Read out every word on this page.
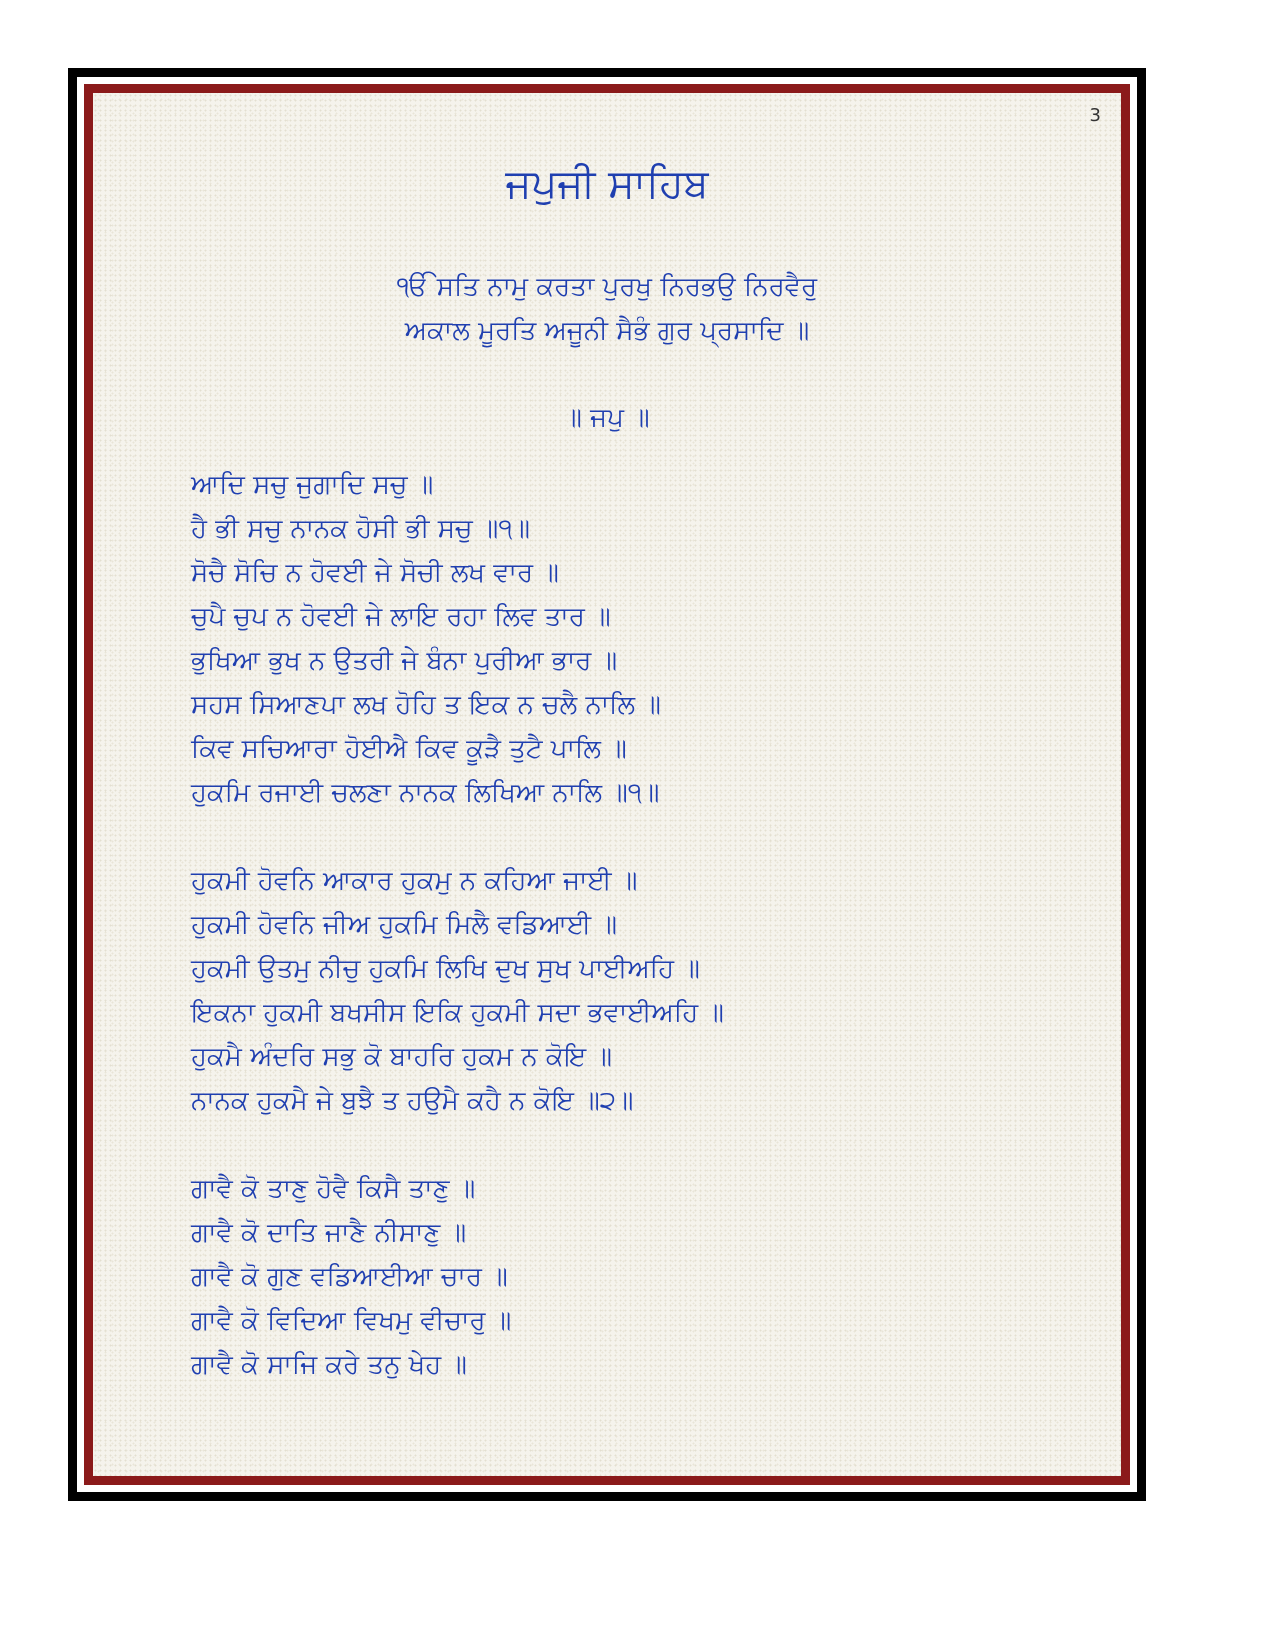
3
ਜਪੁਜੀ ਸਾਹਿਬ
ੴ ਸਤਿ ਨਾਮੁ ਕਰਤਾ ਪੁਰਖੁ ਨਿਰਭਉ ਨਿਰਵੈਰੁ
ਅਕਾਲ ਮੂਰਤਿ ਅਜੂਨੀ ਸੈਭੰ ਗੁਰ ਪ੍ਰਸਾਦਿ ॥
॥ ਜਪੁ ॥
ਆਦਿ ਸਚੁ ਜੁਗਾਦਿ ਸਚੁ ॥
ਹੈ ਭੀ ਸਚੁ ਨਾਨਕ ਹੋਸੀ ਭੀ ਸਚੁ ॥੧॥
ਸੋਚੈ ਸੋਚਿ ਨ ਹੋਵਈ ਜੇ ਸੋਚੀ ਲਖ ਵਾਰ ॥
ਚੁਪੈ ਚੁਪ ਨ ਹੋਵਈ ਜੇ ਲਾਇ ਰਹਾ ਲਿਵ ਤਾਰ ॥
ਭੁਖਿਆ ਭੁਖ ਨ ਉਤਰੀ ਜੇ ਬੰਨਾ ਪੁਰੀਆ ਭਾਰ ॥
ਸਹਸ ਸਿਆਣਪਾ ਲਖ ਹੋਹਿ ਤ ਇਕ ਨ ਚਲੈ ਨਾਲਿ ॥
ਕਿਵ ਸਚਿਆਰਾ ਹੋਈਐ ਕਿਵ ਕੂੜੈ ਤੁਟੈ ਪਾਲਿ ॥
ਹੁਕਮਿ ਰਜਾਈ ਚਲਣਾ ਨਾਨਕ ਲਿਖਿਆ ਨਾਲਿ ॥੧॥
ਹੁਕਮੀ ਹੋਵਨਿ ਆਕਾਰ ਹੁਕਮੁ ਨ ਕਹਿਆ ਜਾਈ ॥
ਹੁਕਮੀ ਹੋਵਨਿ ਜੀਅ ਹੁਕਮਿ ਮਿਲੈ ਵਡਿਆਈ ॥
ਹੁਕਮੀ ਉਤਮੁ ਨੀਚੁ ਹੁਕਮਿ ਲਿਖਿ ਦੁਖ ਸੁਖ ਪਾਈਅਹਿ ॥
ਇਕਨਾ ਹੁਕਮੀ ਬਖਸੀਸ ਇਕਿ ਹੁਕਮੀ ਸਦਾ ਭਵਾਈਅਹਿ ॥
ਹੁਕਮੈ ਅੰਦਰਿ ਸਭੁ ਕੋ ਬਾਹਰਿ ਹੁਕਮ ਨ ਕੋਇ ॥
ਨਾਨਕ ਹੁਕਮੈ ਜੇ ਬੁਝੈ ਤ ਹਉਮੈ ਕਹੈ ਨ ਕੋਇ ॥੨॥
ਗਾਵੈ ਕੋ ਤਾਣੁ ਹੋਵੈ ਕਿਸੈ ਤਾਣੁ ॥
ਗਾਵੈ ਕੋ ਦਾਤਿ ਜਾਣੈ ਨੀਸਾਣੁ ॥
ਗਾਵੈ ਕੋ ਗੁਣ ਵਡਿਆਈਆ ਚਾਰ ॥
ਗਾਵੈ ਕੋ ਵਿਦਿਆ ਵਿਖਮੁ ਵੀਚਾਰੁ ॥
ਗਾਵੈ ਕੋ ਸਾਜਿ ਕਰੇ ਤਨੁ ਖੇਹ ॥
